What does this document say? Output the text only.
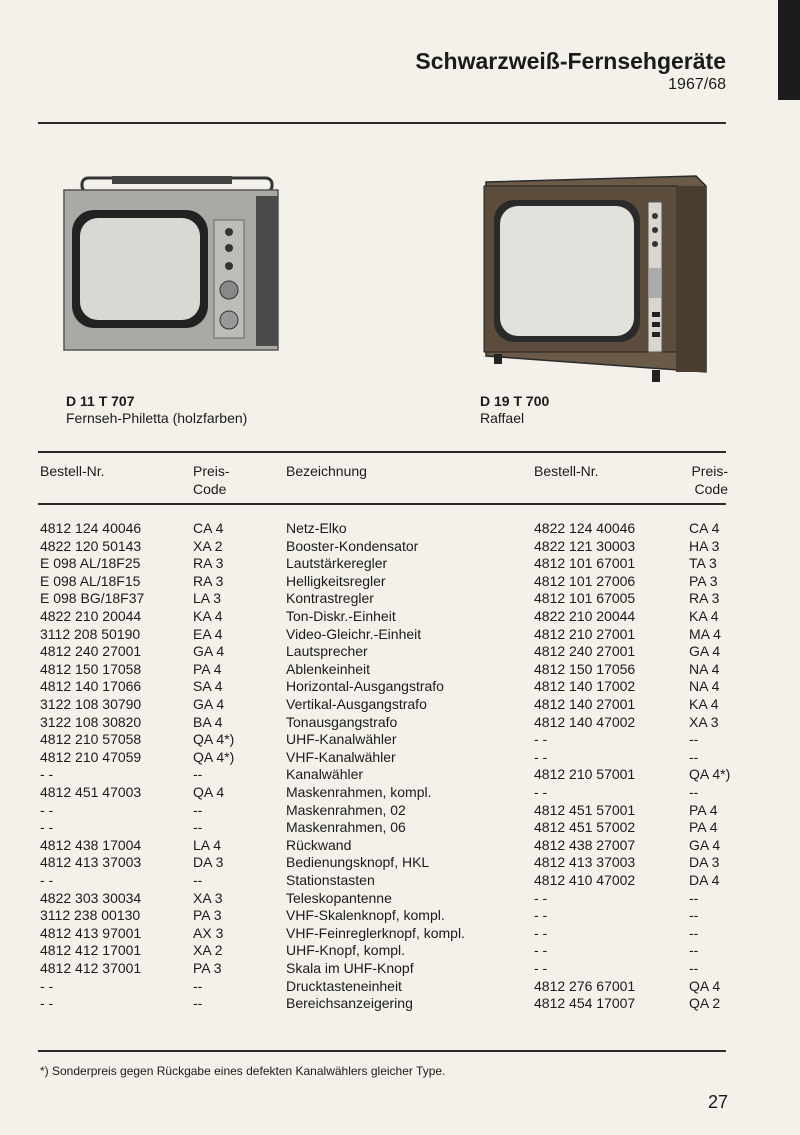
Schwarzweiß-Fernsehgeräte
1967/68
D 11 T 707
Fernseh-Philetta (holzfarben)
D 19 T 700
Raffael
Bestell-Nr.	Preis-
Code
Bezeichnung	Bestell-Nr.	Preis-
Code
4812 124 40046	CA 4	Netz-Elko	4822 124 40046	CA 4
4822 120 50143	XA 2	Booster-Kondensator	4822 121 30003	HA 3
E 098 AL/18F25	RA 3	Lautstärkeregler	4812 101 67001	TA 3
E 098 AL/18F15	RA 3	Helligkeitsregler	4812 101 27006	PA 3
E 098 BG/18F37	LA 3	Kontrastregler	4812 101 67005	RA 3
4822 210 20044	KA 4	Ton-Diskr.-Einheit	4822 210 20044	KA 4
3112 208 50190	EA 4	Video-Gleichr.-Einheit	4812 210 27001	MA 4
4812 240 27001	GA 4	Lautsprecher	4812 240 27001	GA 4
4812 150 17058	PA 4	Ablenkeinheit	4812 150 17056	NA 4
4812 140 17066	SA 4	Horizontal-Ausgangstrafo	4812 140 17002	NA 4
3122 108 30790	GA 4	Vertikal-Ausgangstrafo	4812 140 27001	KA 4
3122 108 30820	BA 4	Tonausgangstrafo	4812 140 47002	XA 3
4812 210 57058	QA 4*)	UHF-Kanalwähler	- -	--
4812 210 47059	QA 4*)	VHF-Kanalwähler	- -	--
- -	--	Kanalwähler	4812 210 57001	QA 4*)
4812 451 47003	QA 4	Maskenrahmen, kompl.	- -	--
- -	--	Maskenrahmen, 02	4812 451 57001	PA 4
- -	--	Maskenrahmen, 06	4812 451 57002	PA 4
4812 438 17004	LA 4	Rückwand	4812 438 27007	GA 4
4812 413 37003	DA 3	Bedienungsknopf, HKL	4812 413 37003	DA 3
- -	--	Stationstasten	4812 410 47002	DA 4
4822 303 30034	XA 3	Teleskopantenne	- -	--
3112 238 00130	PA 3	VHF-Skalenknopf, kompl.	- -	--
4812 413 97001	AX 3	VHF-Feinreglerknopf, kompl.	- -	--
4812 412 17001	XA 2	UHF-Knopf, kompl.	- -	--
4812 412 37001	PA 3	Skala im UHF-Knopf	- -	--
- -	--	Drucktasteneinheit	4812 276 67001	QA 4
- -	--	Bereichsanzeigering	4812 454 17007	QA 2
*) Sonderpreis gegen Rückgabe eines defekten Kanalwählers gleicher Type.
27
